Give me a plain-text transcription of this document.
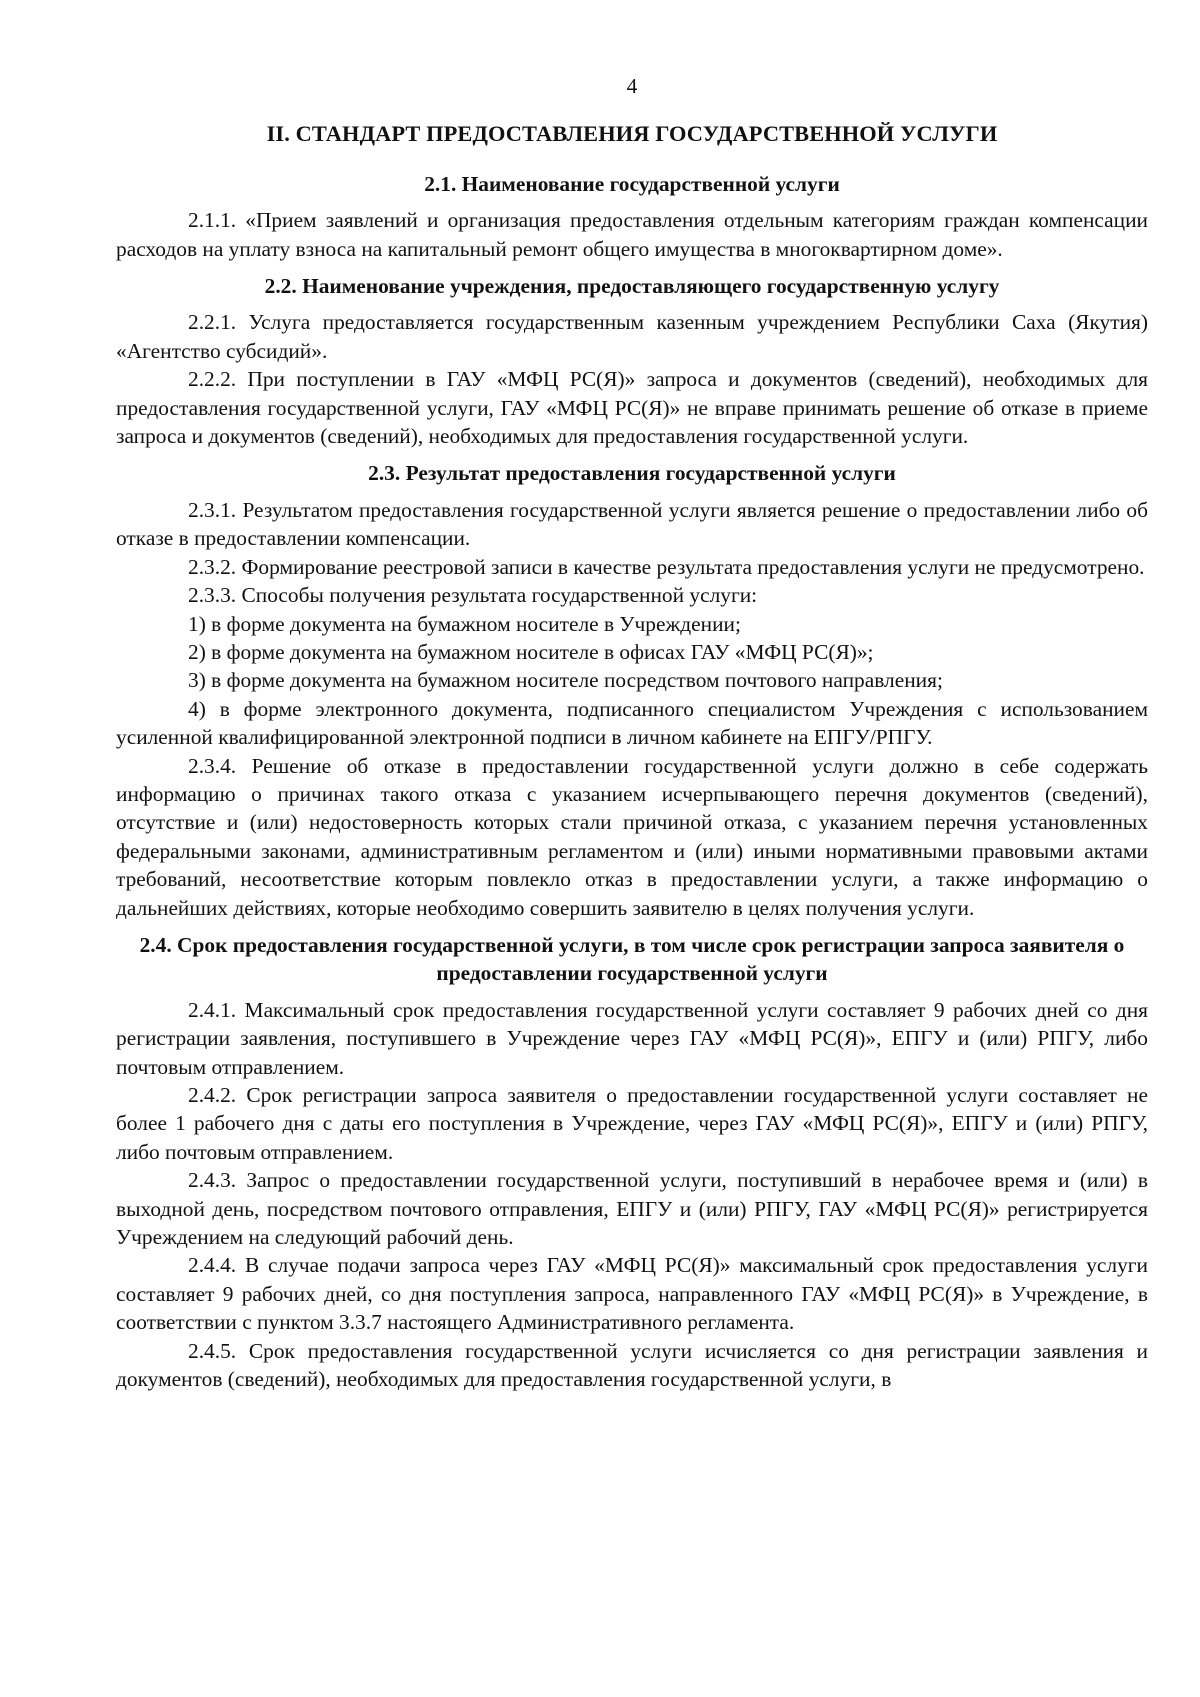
4
II. СТАНДАРТ ПРЕДОСТАВЛЕНИЯ ГОСУДАРСТВЕННОЙ УСЛУГИ
2.1. Наименование государственной услуги

2.1.1. «Прием заявлений и организация предоставления отдельным категориям граждан компенсации расходов на уплату взноса на капитальный ремонт общего имущества в многоквартирном доме».

2.2. Наименование учреждения, предоставляющего государственную услугу

2.2.1. Услуга предоставляется государственным казенным учреждением Республики Саха (Якутия) «Агентство субсидий».

2.2.2. При поступлении в ГАУ «МФЦ РС(Я)» запроса и документов (сведений), необходимых для предоставления государственной услуги, ГАУ «МФЦ РС(Я)» не вправе принимать решение об отказе в приеме запроса и документов (сведений), необходимых для предоставления государственной услуги.

2.3. Результат предоставления государственной услуги

2.3.1. Результатом предоставления государственной услуги является решение о предоставлении либо об отказе в предоставлении компенсации.

2.3.2. Формирование реестровой записи в качестве результата предоставления услуги не предусмотрено.

2.3.3. Способы получения результата государственной услуги:

1) в форме документа на бумажном носителе в Учреждении;

2) в форме документа на бумажном носителе в офисах ГАУ «МФЦ РС(Я)»;

3) в форме документа на бумажном носителе посредством почтового направления;

4) в форме электронного документа, подписанного специалистом Учреждения с использованием усиленной квалифицированной электронной подписи в личном кабинете на ЕПГУ/РПГУ.

2.3.4. Решение об отказе в предоставлении государственной услуги должно в себе содержать информацию о причинах такого отказа с указанием исчерпывающего перечня документов (сведений), отсутствие и (или) недостоверность которых стали причиной отказа, с указанием перечня установленных федеральными законами, административным регламентом и (или) иными нормативными правовыми актами требований, несоответствие которым повлекло отказ в предоставлении услуги, а также информацию о дальнейших действиях, которые необходимо совершить заявителю в целях получения услуги.

2.4. Срок предоставления государственной услуги, в том числе срок регистрации запроса заявителя о предоставлении государственной услуги

2.4.1. Максимальный срок предоставления государственной услуги составляет 9 рабочих дней со дня регистрации заявления, поступившего в Учреждение через ГАУ «МФЦ РС(Я)», ЕПГУ и (или) РПГУ, либо почтовым отправлением.

2.4.2. Срок регистрации запроса заявителя о предоставлении государственной услуги составляет не более 1 рабочего дня с даты его поступления в Учреждение, через ГАУ «МФЦ РС(Я)», ЕПГУ и (или) РПГУ, либо почтовым отправлением.

2.4.3. Запрос о предоставлении государственной услуги, поступивший в нерабочее время и (или) в выходной день, посредством почтового отправления, ЕПГУ и (или) РПГУ, ГАУ «МФЦ РС(Я)» регистрируется Учреждением на следующий рабочий день.

2.4.4. В случае подачи запроса через ГАУ «МФЦ РС(Я)» максимальный срок предоставления услуги составляет 9 рабочих дней, со дня поступления запроса, направленного ГАУ «МФЦ РС(Я)» в Учреждение, в соответствии с пунктом 3.3.7 настоящего Административного регламента.

2.4.5. Срок предоставления государственной услуги исчисляется со дня регистрации заявления и документов (сведений), необходимых для предоставления государственной услуги, в
